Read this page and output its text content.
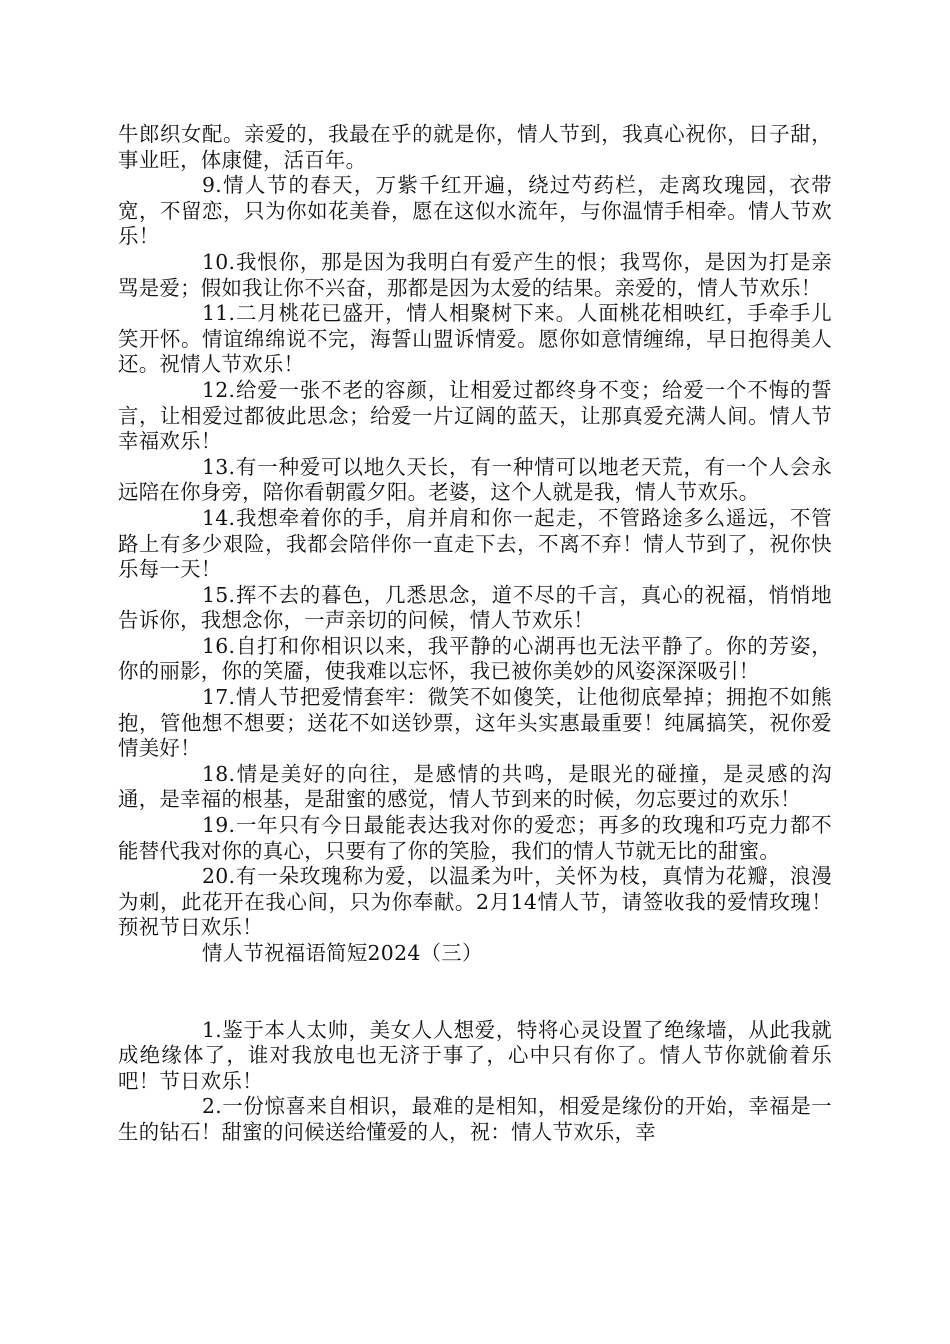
牛郎织女配。亲爱的，我最在乎的就是你，情人节到，我真心祝你，日子甜，事业旺，体康健，活百年。

9.情人节的春天，万紫千红开遍，绕过芍药栏，走离玫瑰园，衣带宽，不留恋，只为你如花美眷，愿在这似水流年，与你温情手相牵。情人节欢乐！

10.我恨你，那是因为我明白有爱产生的恨；我骂你，是因为打是亲骂是爱；假如我让你不兴奋，那都是因为太爱的结果。亲爱的，情人节欢乐！

11.二月桃花已盛开，情人相聚树下来。人面桃花相映红，手牵手儿笑开怀。情谊绵绵说不完，海誓山盟诉情爱。愿你如意情缠绵，早日抱得美人还。祝情人节欢乐！

12.给爱一张不老的容颜，让相爱过都终身不变；给爱一个不悔的誓言，让相爱过都彼此思念；给爱一片辽阔的蓝天，让那真爱充满人间。情人节幸福欢乐！

13.有一种爱可以地久天长，有一种情可以地老天荒，有一个人会永远陪在你身旁，陪你看朝霞夕阳。老婆，这个人就是我，情人节欢乐。

14.我想牵着你的手，肩并肩和你一起走，不管路途多么遥远，不管路上有多少艰险，我都会陪伴你一直走下去，不离不弃！情人节到了，祝你快乐每一天！

15.挥不去的暮色，几悉思念，道不尽的千言，真心的祝福，悄悄地告诉你，我想念你，一声亲切的问候，情人节欢乐！

16.自打和你相识以来，我平静的心湖再也无法平静了。你的芳姿，你的丽影，你的笑靥，使我难以忘怀，我已被你美妙的风姿深深吸引！

17.情人节把爱情套牢：微笑不如傻笑，让他彻底晕掉；拥抱不如熊抱，管他想不想要；送花不如送钞票，这年头实惠最重要！纯属搞笑，祝你爱情美好！

18.情是美好的向往，是感情的共鸣，是眼光的碰撞，是灵感的沟通，是幸福的根基，是甜蜜的感觉，情人节到来的时候，勿忘要过的欢乐！

19.一年只有今日最能表达我对你的爱恋；再多的玫瑰和巧克力都不能替代我对你的真心，只要有了你的笑脸，我们的情人节就无比的甜蜜。

20.有一朵玫瑰称为爱，以温柔为叶，关怀为枝，真情为花瓣，浪漫为刺，此花开在我心间，只为你奉献。2月14情人节，请签收我的爱情玫瑰！预祝节日欢乐！

情人节祝福语简短2024（三）

1.鉴于本人太帅，美女人人想爱，特将心灵设置了绝缘墙，从此我就成绝缘体了，谁对我放电也无济于事了，心中只有你了。情人节你就偷着乐吧！节日欢乐！

2.一份惊喜来自相识，最难的是相知，相爱是缘份的开始，幸福是一生的钻石！甜蜜的问候送给懂爱的人，祝：情人节欢乐，幸
